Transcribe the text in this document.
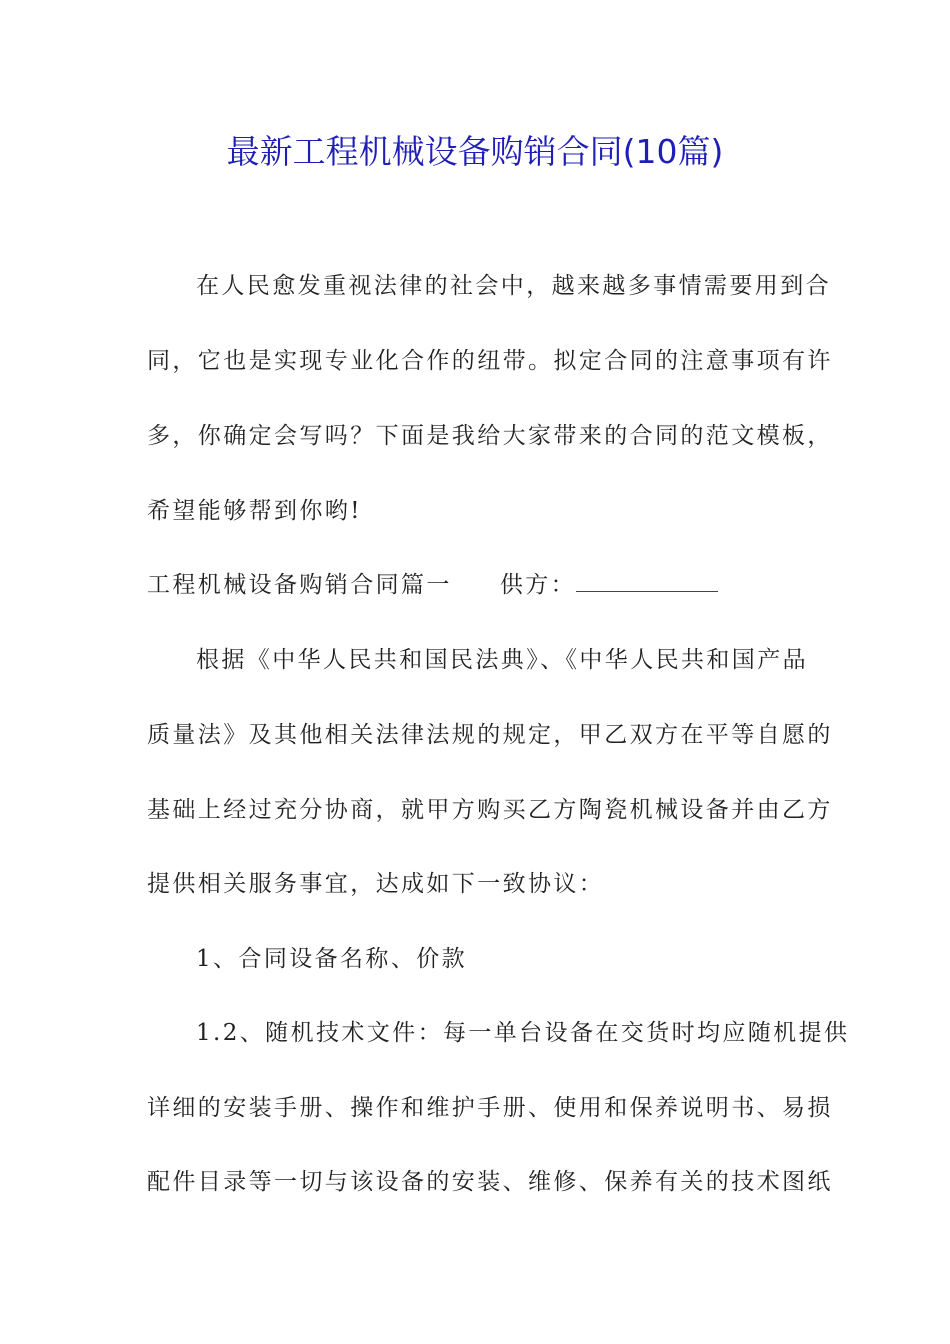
最新工程机械设备购销合同(10篇)
在人民愈发重视法律的社会中，越来越多事情需要用到合
同，它也是实现专业化合作的纽带。拟定合同的注意事项有许
多，你确定会写吗？下面是我给大家带来的合同的范文模板，
希望能够帮到你哟!
工程机械设备购销合同篇一 供方：
根据《中华人民共和国民法典》、《中华人民共和国产品
质量法》及其他相关法律法规的规定，甲乙双方在平等自愿的
基础上经过充分协商，就甲方购买乙方陶瓷机械设备并由乙方
提供相关服务事宜，达成如下一致协议：
1、合同设备名称、价款
1.2、随机技术文件：每一单台设备在交货时均应随机提供
详细的安装手册、操作和维护手册、使用和保养说明书、易损
配件目录等一切与该设备的安装、维修、保养有关的技术图纸
